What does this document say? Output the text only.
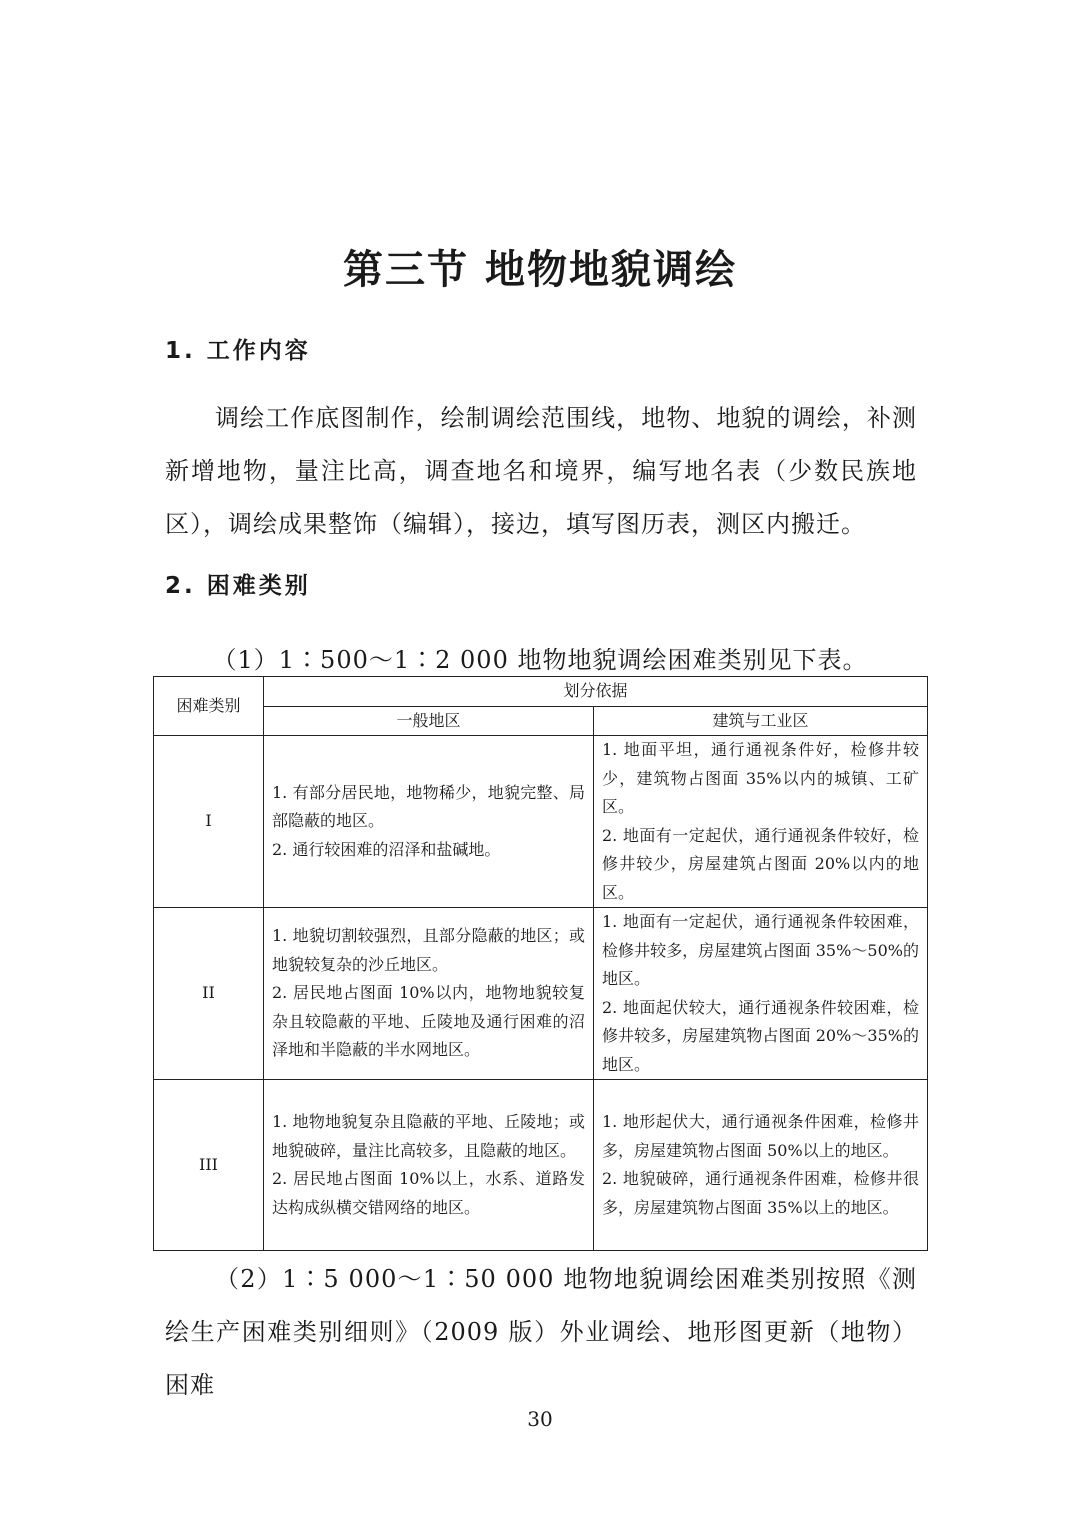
第三节 地物地貌调绘
1. 工作内容

调绘工作底图制作，绘制调绘范围线，地物、地貌的调绘，补测新增地物，量注比高，调查地名和境界，编写地名表（少数民族地区），调绘成果整饰（编辑），接边，填写图历表，测区内搬迁。

2. 困难类别

（1）1∶500～1∶2 000 地物地貌调绘困难类别见下表。

困难类别	划分依据	
	一般地区	建筑与工业区
I	1. 有部分居民地，地物稀少，地貌完整、局部隐蔽的地区。
2. 通行较困难的沼泽和盐碱地。	1. 地面平坦，通行通视条件好，检修井较少，建筑物占图面 35%以内的城镇、工矿区。
2. 地面有一定起伏，通行通视条件较好，检修井较少，房屋建筑占图面 20%以内的地区。

II	1. 地貌切割较强烈，且部分隐蔽的地区；或地貌较复杂的沙丘地区。
2. 居民地占图面 10%以内，地物地貌较复杂且较隐蔽的平地、丘陵地及通行困难的沼泽地和半隐蔽的半水网地区。	1. 地面有一定起伏，通行通视条件较困难，检修井较多，房屋建筑占图面 35%～50%的地区。
2. 地面起伏较大，通行通视条件较困难，检修井较多，房屋建筑物占图面 20%～35%的地区。

III	1. 地物地貌复杂且隐蔽的平地、丘陵地；或地貌破碎，量注比高较多，且隐蔽的地区。
2. 居民地占图面 10%以上，水系、道路发达构成纵横交错网络的地区。	1. 地形起伏大，通行通视条件困难，检修井多，房屋建筑物占图面 50%以上的地区。
2. 地貌破碎，通行通视条件困难，检修井很多，房屋建筑物占图面 35%以上的地区。

（2）1∶5 000～1∶50 000 地物地貌调绘困难类别按照《测绘生产困难类别细则》（2009 版）外业调绘、地形图更新（地物）困难

30
